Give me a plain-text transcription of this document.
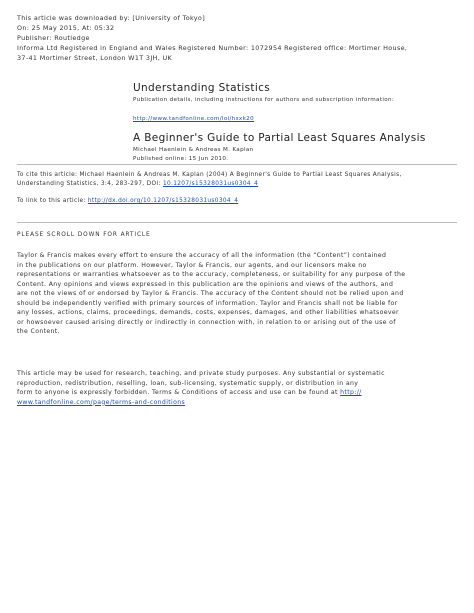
This article was downloaded by: [University of Tokyo]
On: 25 May 2015, At: 05:32
Publisher: Routledge
Informa Ltd Registered in England and Wales Registered Number: 1072954 Registered office: Mortimer House,
37-41 Mortimer Street, London W1T 3JH, UK
Understanding Statistics
Publication details, including instructions for authors and subscription information:
http://www.tandfonline.com/loi/hsxk20
A Beginner's Guide to Partial Least Squares Analysis
Michael Haenlein & Andreas M. Kaplan
Published online: 15 Jun 2010.
To cite this article: Michael Haenlein & Andreas M. Kaplan (2004) A Beginner's Guide to Partial Least Squares Analysis,
Understanding Statistics, 3:4, 283-297, DOI: 10.1207/s15328031us0304_4
To link to this article: http://dx.doi.org/10.1207/s15328031us0304_4
PLEASE SCROLL DOWN FOR ARTICLE
Taylor & Francis makes every effort to ensure the accuracy of all the information (the “Content”) contained
in the publications on our platform. However, Taylor & Francis, our agents, and our licensors make no
representations or warranties whatsoever as to the accuracy, completeness, or suitability for any purpose of the
Content. Any opinions and views expressed in this publication are the opinions and views of the authors, and
are not the views of or endorsed by Taylor & Francis. The accuracy of the Content should not be relied upon and
should be independently verified with primary sources of information. Taylor and Francis shall not be liable for
any losses, actions, claims, proceedings, demands, costs, expenses, damages, and other liabilities whatsoever
or howsoever caused arising directly or indirectly in connection with, in relation to or arising out of the use of
the Content.
This article may be used for research, teaching, and private study purposes. Any substantial or systematic
reproduction, redistribution, reselling, loan, sub-licensing, systematic supply, or distribution in any
form to anyone is expressly forbidden. Terms & Conditions of access and use can be found at http://
www.tandfonline.com/page/terms-and-conditions
